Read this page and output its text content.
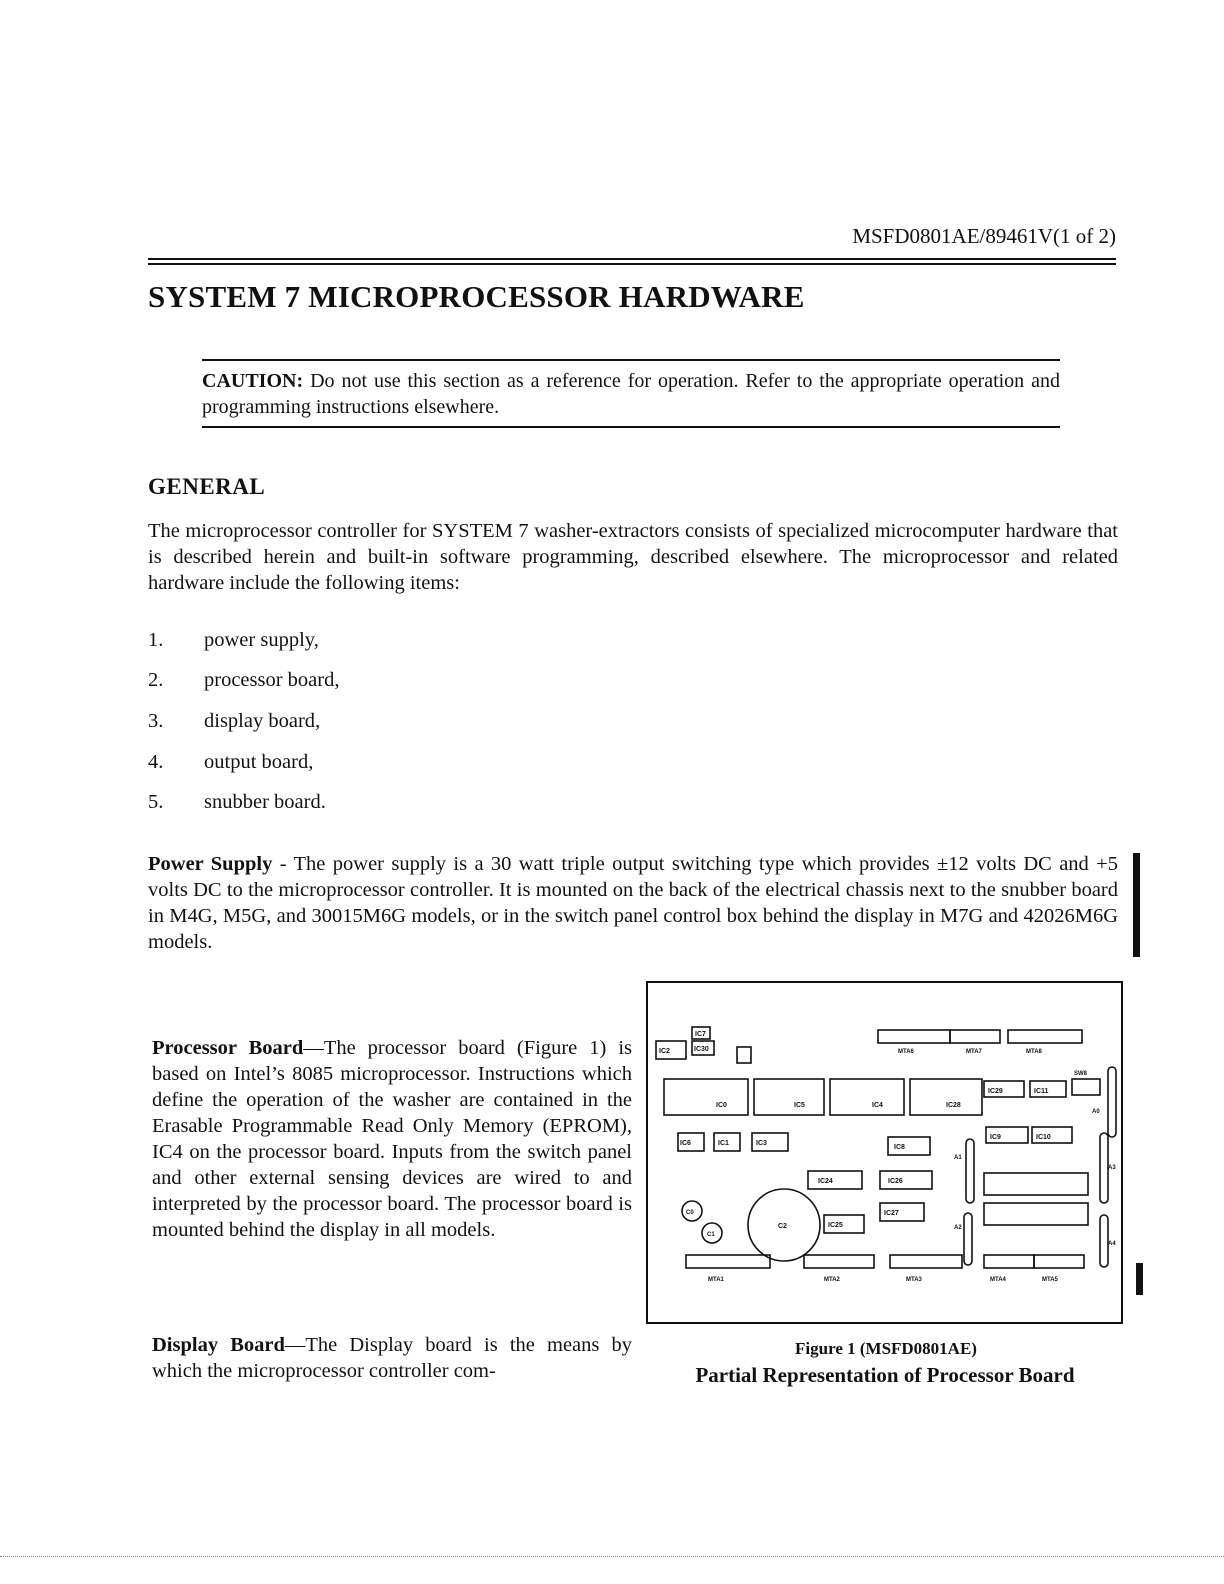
MSFD0801AE/89461V(1 of 2)
SYSTEM 7 MICROPROCESSOR HARDWARE
CAUTION: Do not use this section as a reference for operation. Refer to the appropriate operation and programming instructions elsewhere.
GENERAL
The microprocessor controller for SYSTEM 7 washer-extractors consists of specialized microcomputer hardware that is described herein and built-in software programming, described elsewhere. The microprocessor and related hardware include the following items:
1. power supply,
2. processor board,
3. display board,
4. output board,
5. snubber board.
Power Supply - The power supply is a 30 watt triple output switching type which provides ±12 volts DC and +5 volts DC to the microprocessor controller. It is mounted on the back of the electrical chassis next to the snubber board in M4G, M5G, and 30015M6G models, or in the switch panel control box behind the display in M7G and 42026M6G models.
Processor Board—The processor board (Figure 1) is based on Intel’s 8085 microprocessor. Instructions which define the operation of the washer are contained in the Erasable Programmable Read Only Memory (EPROM), IC4 on the processor board. Inputs from the switch panel and other external sensing devices are wired to and interpreted by the processor board. The processor board is mounted behind the display in all models.
Display Board—The Display board is the means by which the microprocessor controller com-
IC7
IC2	IC30	MTA6	MTA7	MTA8
IC0	IC5	IC4	IC28
IC29	IC11
SW8
A0
IC6	IC1	IC3
IC8
A1
IC9	IC10
A3
IC24	IC26
IC27
IC25
C2
C0
C1
A2
A4
MTA1	MTA2	MTA3	MTA4	MTA5
Figure 1 (MSFD0801AE)
Partial Representation of Processor Board
